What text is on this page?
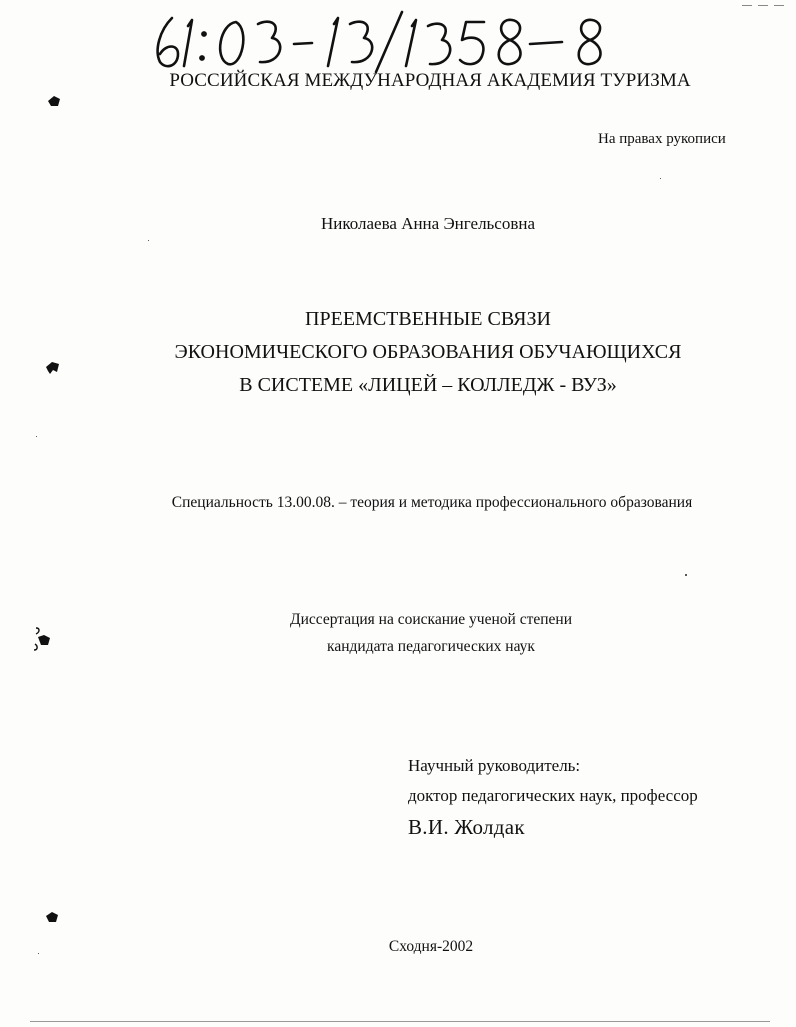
РОССИЙСКАЯ МЕЖДУНАРОДНАЯ АКАДЕМИЯ ТУРИЗМА
На правах рукописи
Николаева Анна Энгельсовна
ПРЕЕМСТВЕННЫЕ СВЯЗИ
ЭКОНОМИЧЕСКОГО ОБРАЗОВАНИЯ ОБУЧАЮЩИХСЯ
В СИСТЕМЕ «ЛИЦЕЙ – КОЛЛЕДЖ - ВУЗ»
Специальность 13.00.08. – теория и методика профессионального образования
Диссертация на соискание ученой степени
кандидата педагогических наук
Научный руководитель:
доктор педагогических наук, профессор
В.И. Жолдак
Сходня-2002
